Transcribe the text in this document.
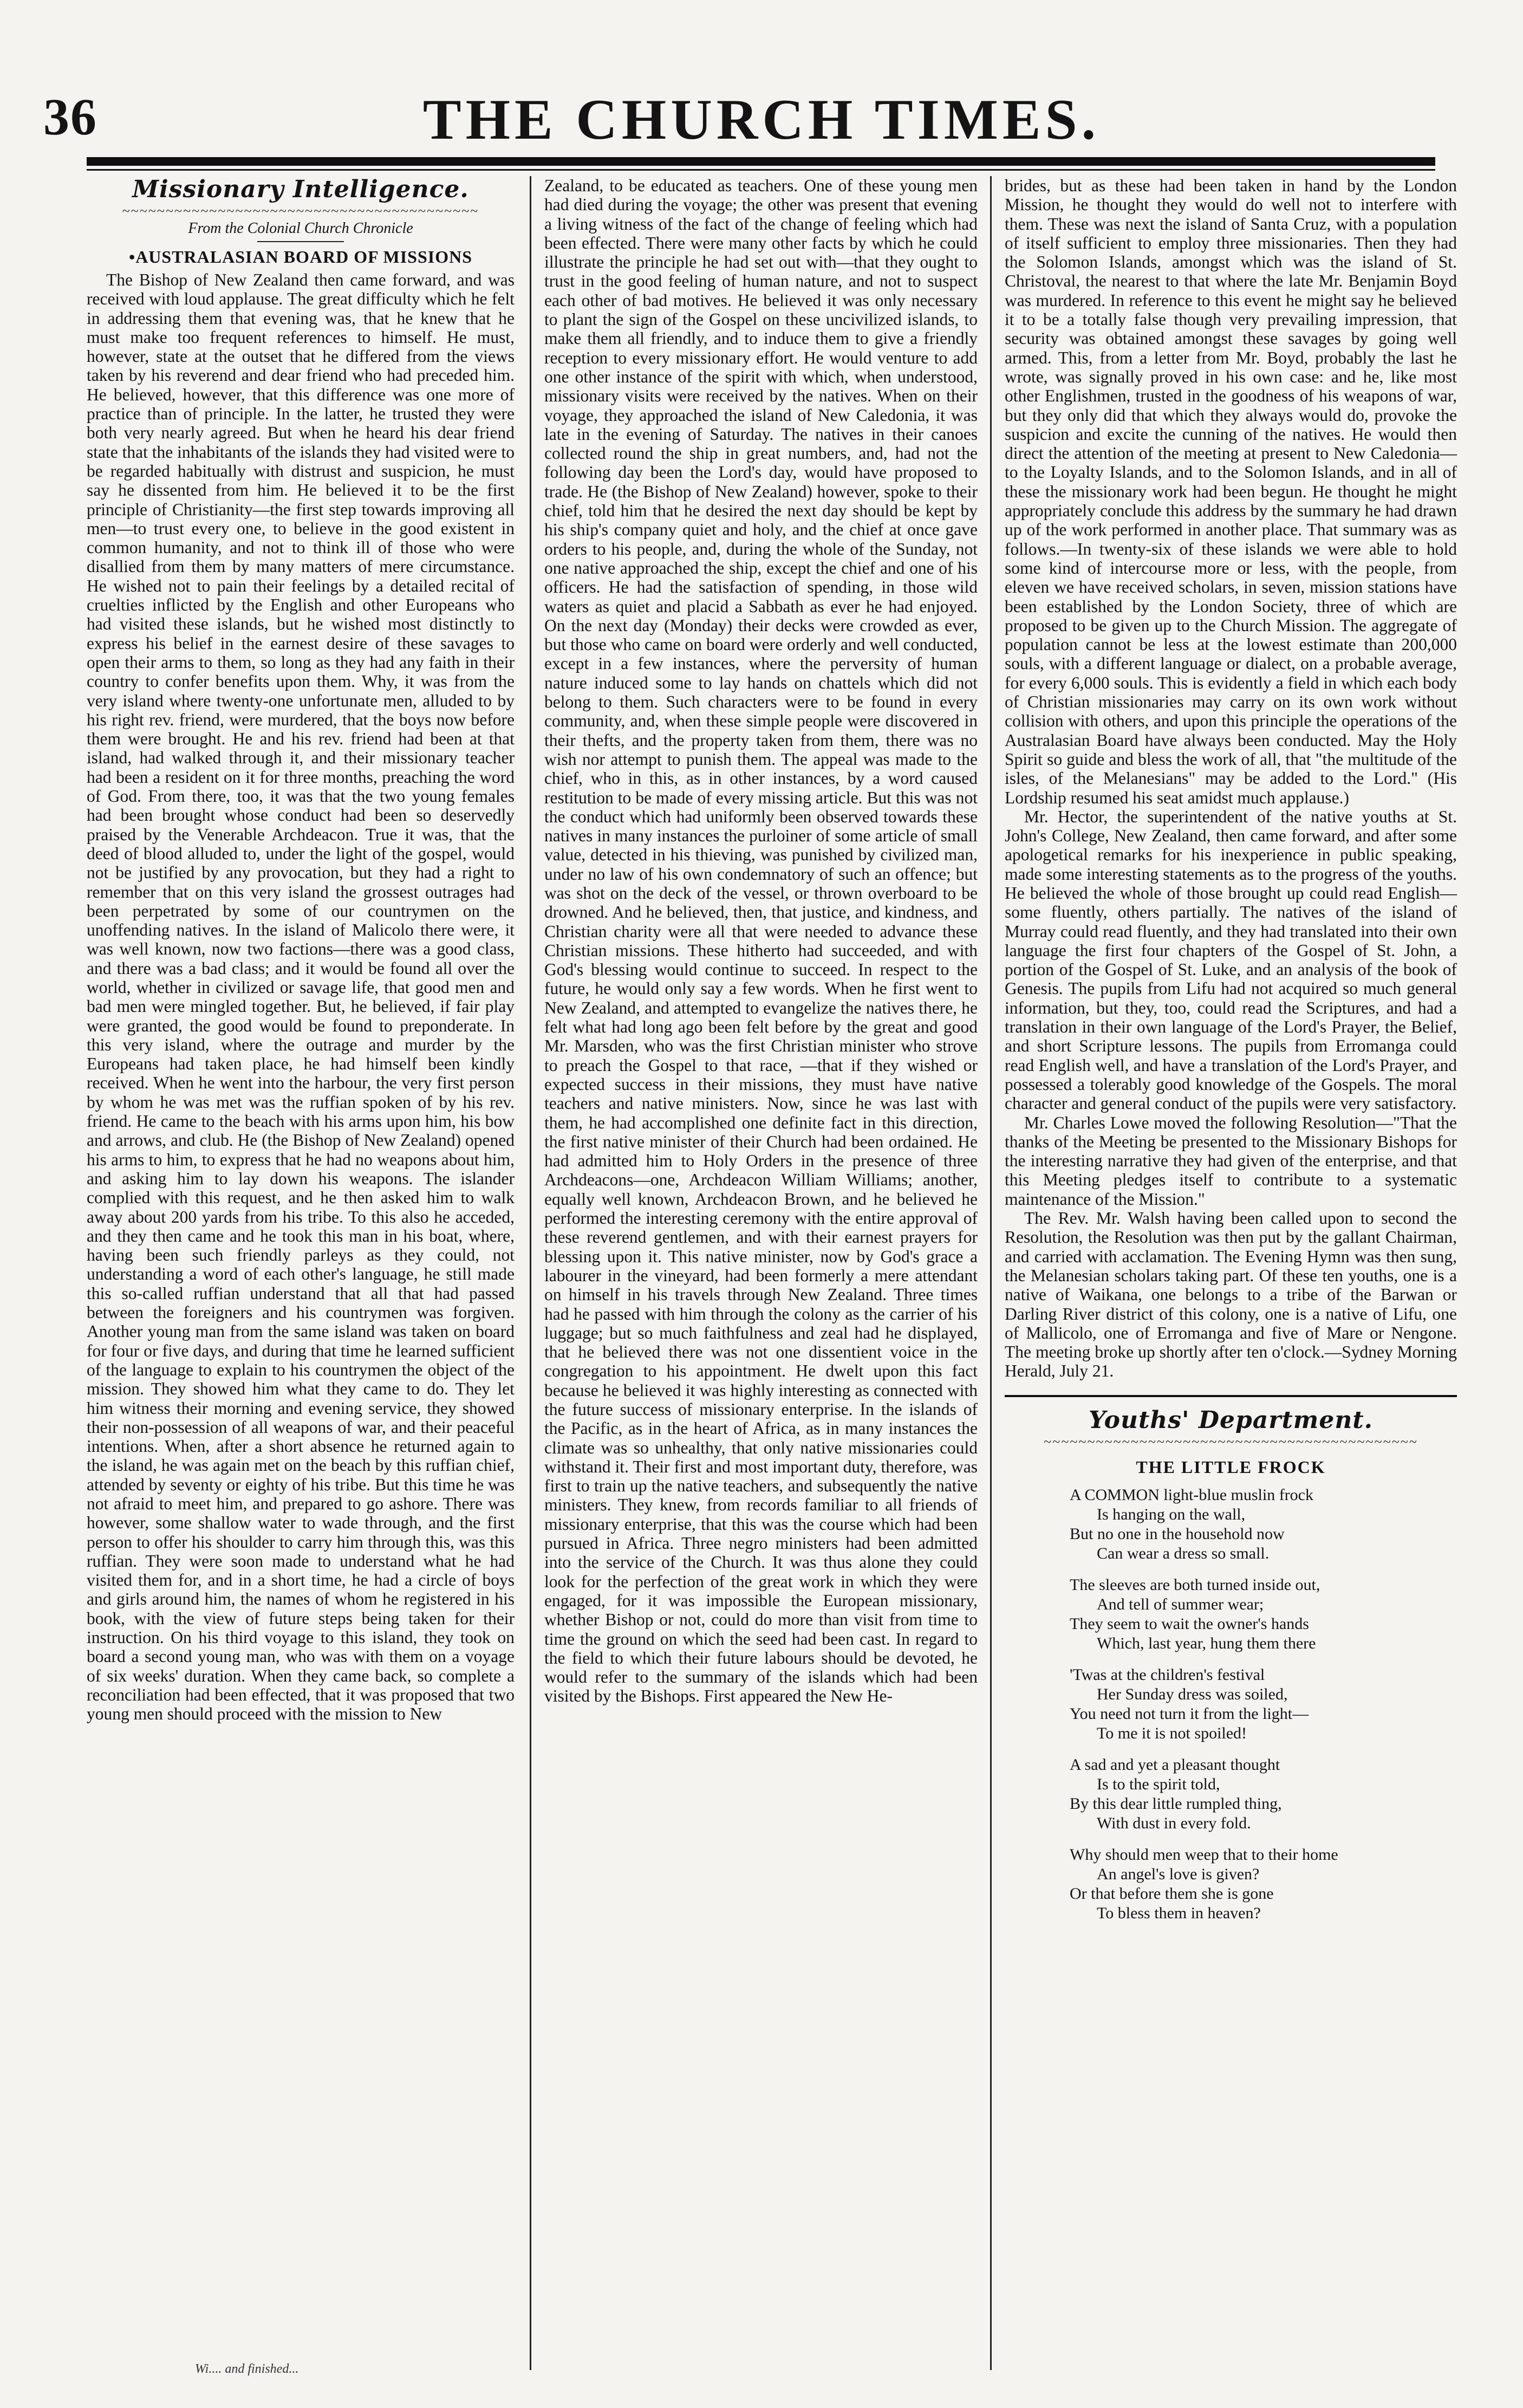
36	THE CHURCH TIMES.
Missionary Intelligence.
~~~~~~~~~~~~~~~~~~~~~~~~~~~~~~~~~~~~~~~~~
From the Colonial Church Chronicle
•AUSTRALASIAN BOARD OF MISSIONS

The Bishop of New Zealand then came forward, and was received with loud applause. The great difficulty which he felt in addressing them that evening was, that he knew that he must make too frequent references to himself. He must, however, state at the outset that he differed from the views taken by his reverend and dear friend who had preceded him. He believed, however, that this difference was one more of practice than of principle. In the latter, he trusted they were both very nearly agreed. But when he heard his dear friend state that the inhabitants of the islands they had visited were to be regarded habitually with distrust and suspicion, he must say he dissented from him. He believed it to be the first principle of Christianity—the first step towards improving all men—to trust every one, to believe in the good existent in common humanity, and not to think ill of those who were disallied from them by many matters of mere circumstance. He wished not to pain their feelings by a detailed recital of cruelties inflicted by the English and other Europeans who had visited these islands, but he wished most distinctly to express his belief in the earnest desire of these savages to open their arms to them, so long as they had any faith in their country to confer benefits upon them. Why, it was from the very island where twenty-one unfortunate men, alluded to by his right rev. friend, were murdered, that the boys now before them were brought. He and his rev. friend had been at that island, had walked through it, and their missionary teacher had been a resident on it for three months, preaching the word of God. From there, too, it was that the two young females had been brought whose conduct had been so deservedly praised by the Venerable Archdeacon. True it was, that the deed of blood alluded to, under the light of the gospel, would not be justified by any provocation, but they had a right to remember that on this very island the grossest outrages had been perpetrated by some of our countrymen on the unoffending natives. In the island of Malicolo there were, it was well known, now two factions—there was a good class, and there was a bad class; and it would be found all over the world, whether in civilized or savage life, that good men and bad men were mingled together. But, he believed, if fair play were granted, the good would be found to preponderate. In this very island, where the outrage and murder by the Europeans had taken place, he had himself been kindly received. When he went into the harbour, the very first person by whom he was met was the ruffian spoken of by his rev. friend. He came to the beach with his arms upon him, his bow and arrows, and club. He (the Bishop of New Zealand) opened his arms to him, to express that he had no weapons about him, and asking him to lay down his weapons. The islander complied with this request, and he then asked him to walk away about 200 yards from his tribe. To this also he acceded, and they then came and he took this man in his boat, where, having been such friendly parleys as they could, not understanding a word of each other's language, he still made this so-called ruffian understand that all that had passed between the foreigners and his countrymen was forgiven. Another young man from the same island was taken on board for four or five days, and during that time he learned sufficient of the language to explain to his countrymen the object of the mission. They showed him what they came to do. They let him witness their morning and evening service, they showed their non-possession of all weapons of war, and their peaceful intentions. When, after a short absence he returned again to the island, he was again met on the beach by this ruffian chief, attended by seventy or eighty of his tribe. But this time he was not afraid to meet him, and prepared to go ashore. There was however, some shallow water to wade through, and the first person to offer his shoulder to carry him through this, was this ruffian. They were soon made to understand what he had visited them for, and in a short time, he had a circle of boys and girls around him, the names of whom he registered in his book, with the view of future steps being taken for their instruction. On his third voyage to this island, they took on board a second young man, who was with them on a voyage of six weeks' duration. When they came back, so complete a reconciliation had been effected, that it was proposed that two young men should proceed with the mission to New

Zealand, to be educated as teachers. One of these young men had died during the voyage; the other was present that evening a living witness of the fact of the change of feeling which had been effected. There were many other facts by which he could illustrate the principle he had set out with—that they ought to trust in the good feeling of human nature, and not to suspect each other of bad motives. He believed it was only necessary to plant the sign of the Gospel on these uncivilized islands, to make them all friendly, and to induce them to give a friendly reception to every missionary effort. He would venture to add one other instance of the spirit with which, when understood, missionary visits were received by the natives. When on their voyage, they approached the island of New Caledonia, it was late in the evening of Saturday. The natives in their canoes collected round the ship in great numbers, and, had not the following day been the Lord's day, would have proposed to trade. He (the Bishop of New Zealand) however, spoke to their chief, told him that he desired the next day should be kept by his ship's company quiet and holy, and the chief at once gave orders to his people, and, during the whole of the Sunday, not one native approached the ship, except the chief and one of his officers. He had the satisfaction of spending, in those wild waters as quiet and placid a Sabbath as ever he had enjoyed. On the next day (Monday) their decks were crowded as ever, but those who came on board were orderly and well conducted, except in a few instances, where the perversity of human nature induced some to lay hands on chattels which did not belong to them. Such characters were to be found in every community, and, when these simple people were discovered in their thefts, and the property taken from them, there was no wish nor attempt to punish them. The appeal was made to the chief, who in this, as in other instances, by a word caused restitution to be made of every missing article. But this was not the conduct which had uniformly been observed towards these natives in many instances the purloiner of some article of small value, detected in his thieving, was punished by civilized man, under no law of his own condemnatory of such an offence; but was shot on the deck of the vessel, or thrown overboard to be drowned. And he believed, then, that justice, and kindness, and Christian charity were all that were needed to advance these Christian missions. These hitherto had succeeded, and with God's blessing would continue to succeed. In respect to the future, he would only say a few words. When he first went to New Zealand, and attempted to evangelize the natives there, he felt what had long ago been felt before by the great and good Mr. Marsden, who was the first Christian minister who strove to preach the Gospel to that race, —that if they wished or expected success in their missions, they must have native teachers and native ministers. Now, since he was last with them, he had accomplished one definite fact in this direction, the first native minister of their Church had been ordained. He had admitted him to Holy Orders in the presence of three Archdeacons—one, Archdeacon William Williams; another, equally well known, Archdeacon Brown, and he believed he performed the interesting ceremony with the entire approval of these reverend gentlemen, and with their earnest prayers for blessing upon it. This native minister, now by God's grace a labourer in the vineyard, had been formerly a mere attendant on himself in his travels through New Zealand. Three times had he passed with him through the colony as the carrier of his luggage; but so much faithfulness and zeal had he displayed, that he believed there was not one dissentient voice in the congregation to his appointment. He dwelt upon this fact because he believed it was highly interesting as connected with the future success of missionary enterprise. In the islands of the Pacific, as in the heart of Africa, as in many instances the climate was so unhealthy, that only native missionaries could withstand it. Their first and most important duty, therefore, was first to train up the native teachers, and subsequently the native ministers. They knew, from records familiar to all friends of missionary enterprise, that this was the course which had been pursued in Africa. Three negro ministers had been admitted into the service of the Church. It was thus alone they could look for the perfection of the great work in which they were engaged, for it was impossible the European missionary, whether Bishop or not, could do more than visit from time to time the ground on which the seed had been cast. In regard to the field to which their future labours should be devoted, he would refer to the summary of the islands which had been visited by the Bishops. First appeared the New He-

brides, but as these had been taken in hand by the London Mission, he thought they would do well not to interfere with them. These was next the island of Santa Cruz, with a population of itself sufficient to employ three missionaries. Then they had the Solomon Islands, amongst which was the island of St. Christoval, the nearest to that where the late Mr. Benjamin Boyd was murdered. In reference to this event he might say he believed it to be a totally false though very prevailing impression, that security was obtained amongst these savages by going well armed. This, from a letter from Mr. Boyd, probably the last he wrote, was signally proved in his own case: and he, like most other Englishmen, trusted in the goodness of his weapons of war, but they only did that which they always would do, provoke the suspicion and excite the cunning of the natives. He would then direct the attention of the meeting at present to New Caledonia—to the Loyalty Islands, and to the Solomon Islands, and in all of these the missionary work had been begun. He thought he might appropriately conclude this address by the summary he had drawn up of the work performed in another place. That summary was as follows.—In twenty-six of these islands we were able to hold some kind of intercourse more or less, with the people, from eleven we have received scholars, in seven, mission stations have been established by the London Society, three of which are proposed to be given up to the Church Mission. The aggregate of population cannot be less at the lowest estimate than 200,000 souls, with a different language or dialect, on a probable average, for every 6,000 souls. This is evidently a field in which each body of Christian missionaries may carry on its own work without collision with others, and upon this principle the operations of the Australasian Board have always been conducted. May the Holy Spirit so guide and bless the work of all, that "the multitude of the isles, of the Melanesians" may be added to the Lord." (His Lordship resumed his seat amidst much applause.)

Mr. Hector, the superintendent of the native youths at St. John's College, New Zealand, then came forward, and after some apologetical remarks for his inexperience in public speaking, made some interesting statements as to the progress of the youths. He believed the whole of those brought up could read English—some fluently, others partially. The natives of the island of Murray could read fluently, and they had translated into their own language the first four chapters of the Gospel of St. John, a portion of the Gospel of St. Luke, and an analysis of the book of Genesis. The pupils from Lifu had not acquired so much general information, but they, too, could read the Scriptures, and had a translation in their own language of the Lord's Prayer, the Belief, and short Scripture lessons. The pupils from Erromanga could read English well, and have a translation of the Lord's Prayer, and possessed a tolerably good knowledge of the Gospels. The moral character and general conduct of the pupils were very satisfactory.

Mr. Charles Lowe moved the following Resolution—"That the thanks of the Meeting be presented to the Missionary Bishops for the interesting narrative they had given of the enterprise, and that this Meeting pledges itself to contribute to a systematic maintenance of the Mission."

The Rev. Mr. Walsh having been called upon to second the Resolution, the Resolution was then put by the gallant Chairman, and carried with acclamation. The Evening Hymn was then sung, the Melanesian scholars taking part. Of these ten youths, one is a native of Waikana, one belongs to a tribe of the Barwan or Darling River district of this colony, one is a native of Lifu, one of Mallicolo, one of Erromanga and five of Mare or Nengone. The meeting broke up shortly after ten o'clock.—Sydney Morning Herald, July 21.

Youths' Department.
~~~~~~~~~~~~~~~~~~~~~~~~~~~~~~~~~~~~~~~~~~~
THE LITTLE FROCK
A COMMON light-blue muslin frock
Is hanging on the wall,
But no one in the household now
Can wear a dress so small.
The sleeves are both turned inside out,
And tell of summer wear;
They seem to wait the owner's hands
Which, last year, hung them there
'Twas at the children's festival
Her Sunday dress was soiled,
You need not turn it from the light—
To me it is not spoiled!
A sad and yet a pleasant thought
Is to the spirit told,
By this dear little rumpled thing,
With dust in every fold.
Why should men weep that to their home
An angel's love is given?
Or that before them she is gone
To bless them in heaven?
Wi.... and finished...
